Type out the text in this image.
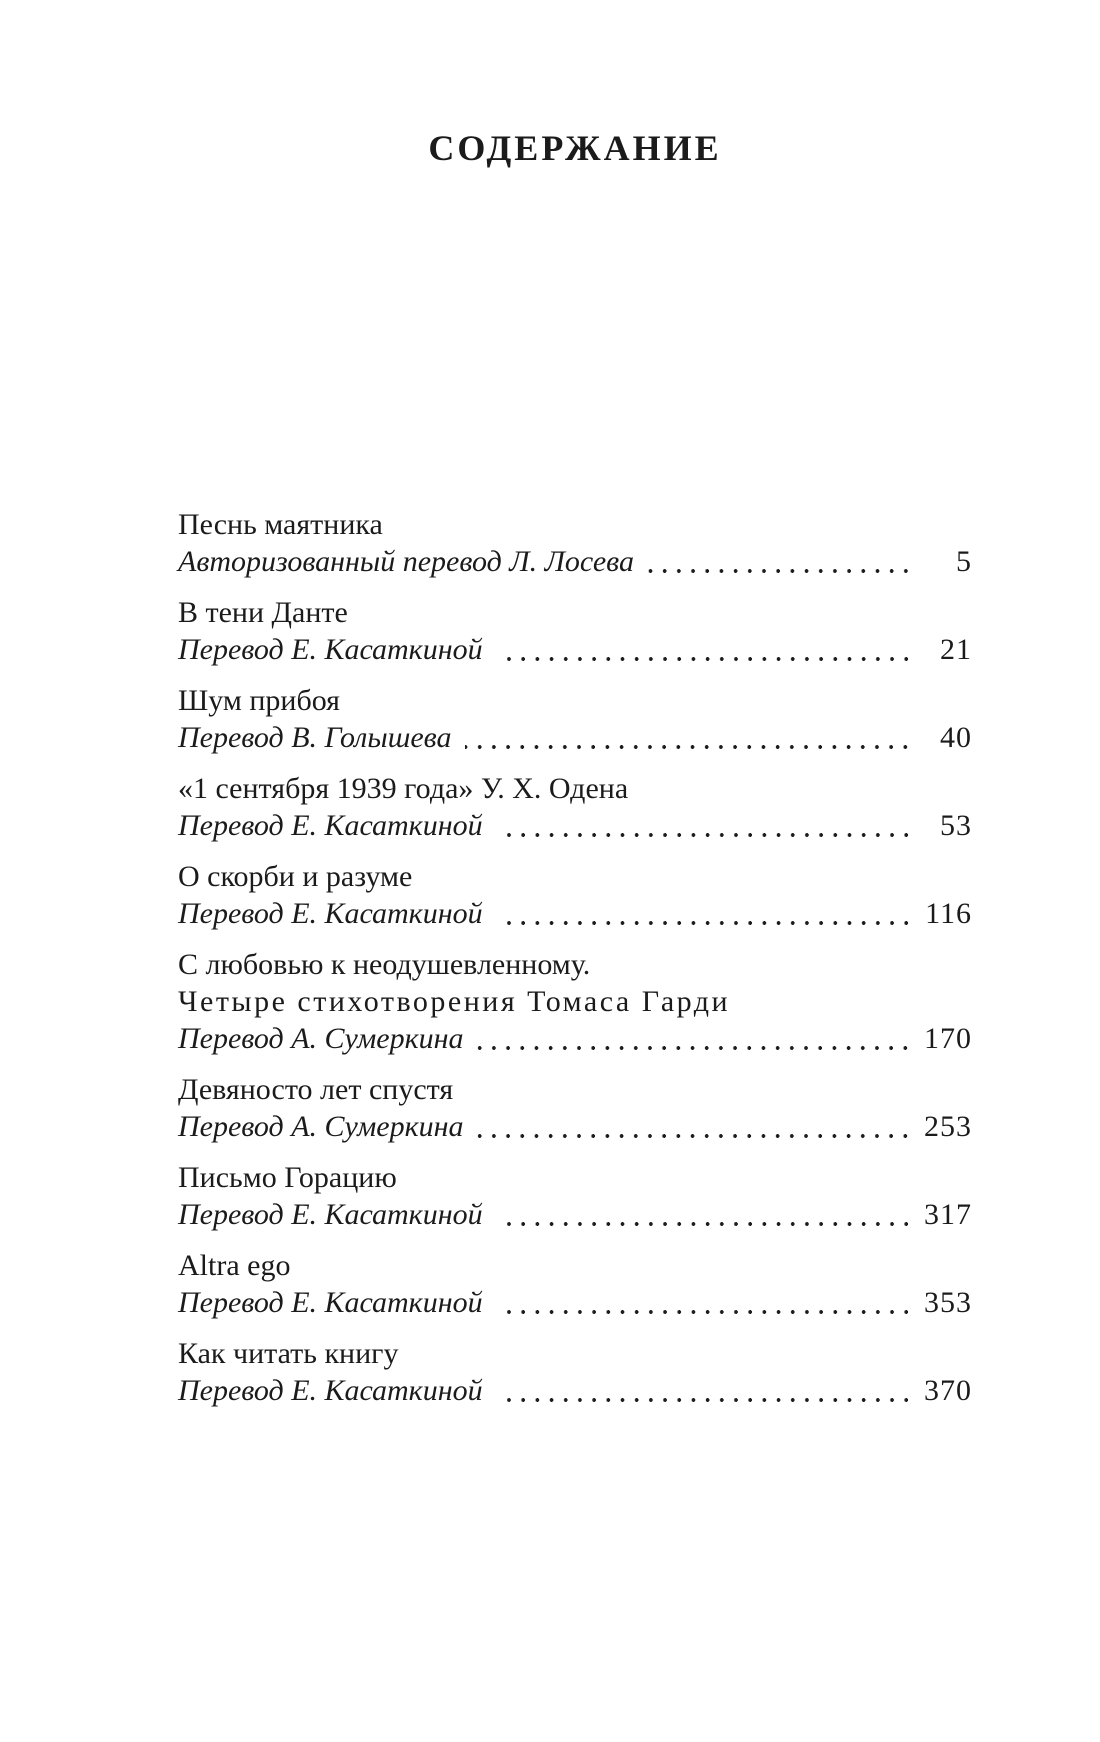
СОДЕРЖАНИЕ
Песнь маятника
Авторизованный перевод Л. Лосева	5
В тени Данте
Перевод Е. Касаткиной	21
Шум прибоя
Перевод В. Голышева	40
«1 сентября 1939 года» У. Х. Одена
Перевод Е. Касаткиной	53
О скорби и разуме
Перевод Е. Касаткиной	116
С любовью к неодушевленному.
Четыре стихотворения Томаса Гарди
Перевод А. Сумеркина	170
Девяносто лет спустя
Перевод А. Сумеркина	253
Письмо Горацию
Перевод Е. Касаткиной	317
Altra ego
Перевод Е. Касаткиной	353
Как читать книгу
Перевод Е. Касаткиной	370
